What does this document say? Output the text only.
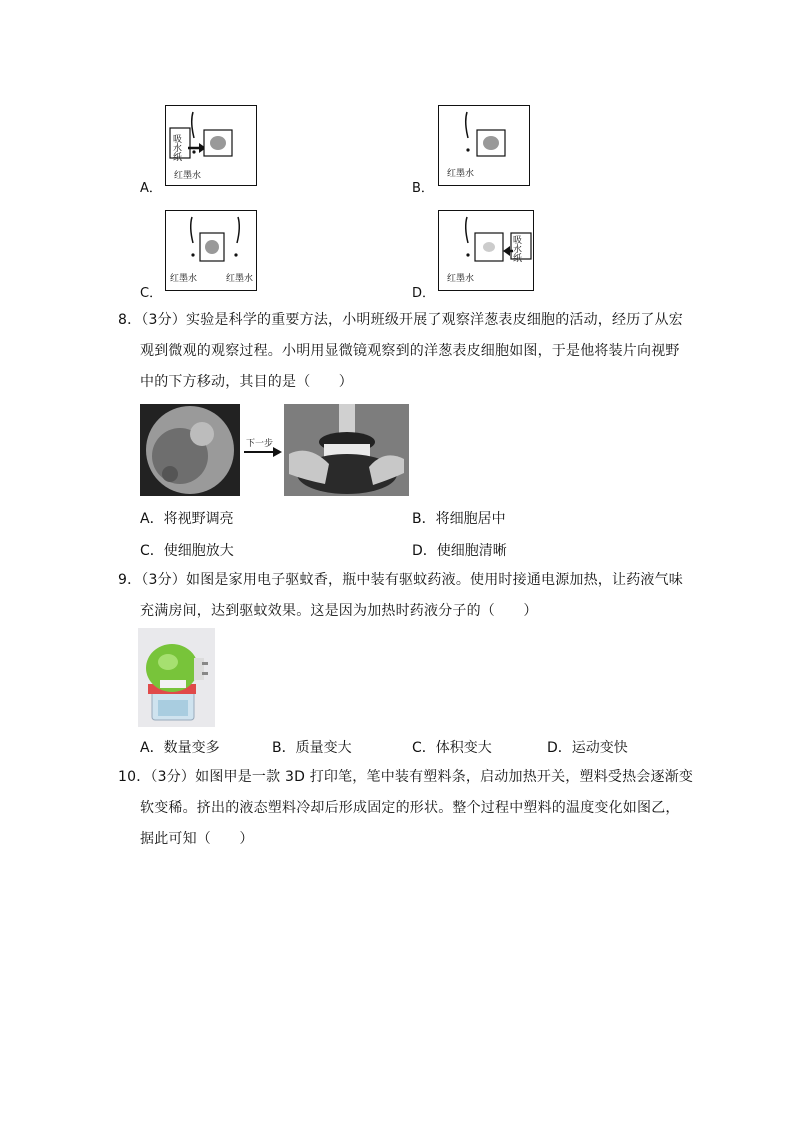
A．
吸水纸
红墨水
B．
红墨水
C．
红墨水	红墨水
D．
吸水纸
红墨水
8．（3分）实验是科学的重要方法，小明班级开展了观察洋葱表皮细胞的活动，经历了从宏
观到微观的观察过程。小明用显微镜观察到的洋葱表皮细胞如图，于是他将装片向视野
中的下方移动，其目的是（　　）
下一步
A．将视野调亮	B．将细胞居中
C．使细胞放大	D．使细胞清晰
9．（3分）如图是家用电子驱蚊香，瓶中装有驱蚊药液。使用时接通电源加热，让药液气味
充满房间，达到驱蚊效果。这是因为加热时药液分子的（　　）
A．数量变多	B．质量变大	C．体积变大	D．运动变快
10．（3分）如图甲是一款 3D 打印笔，笔中装有塑料条，启动加热开关，塑料受热会逐渐变
软变稀。挤出的液态塑料冷却后形成固定的形状。整个过程中塑料的温度变化如图乙，
据此可知（　　）
